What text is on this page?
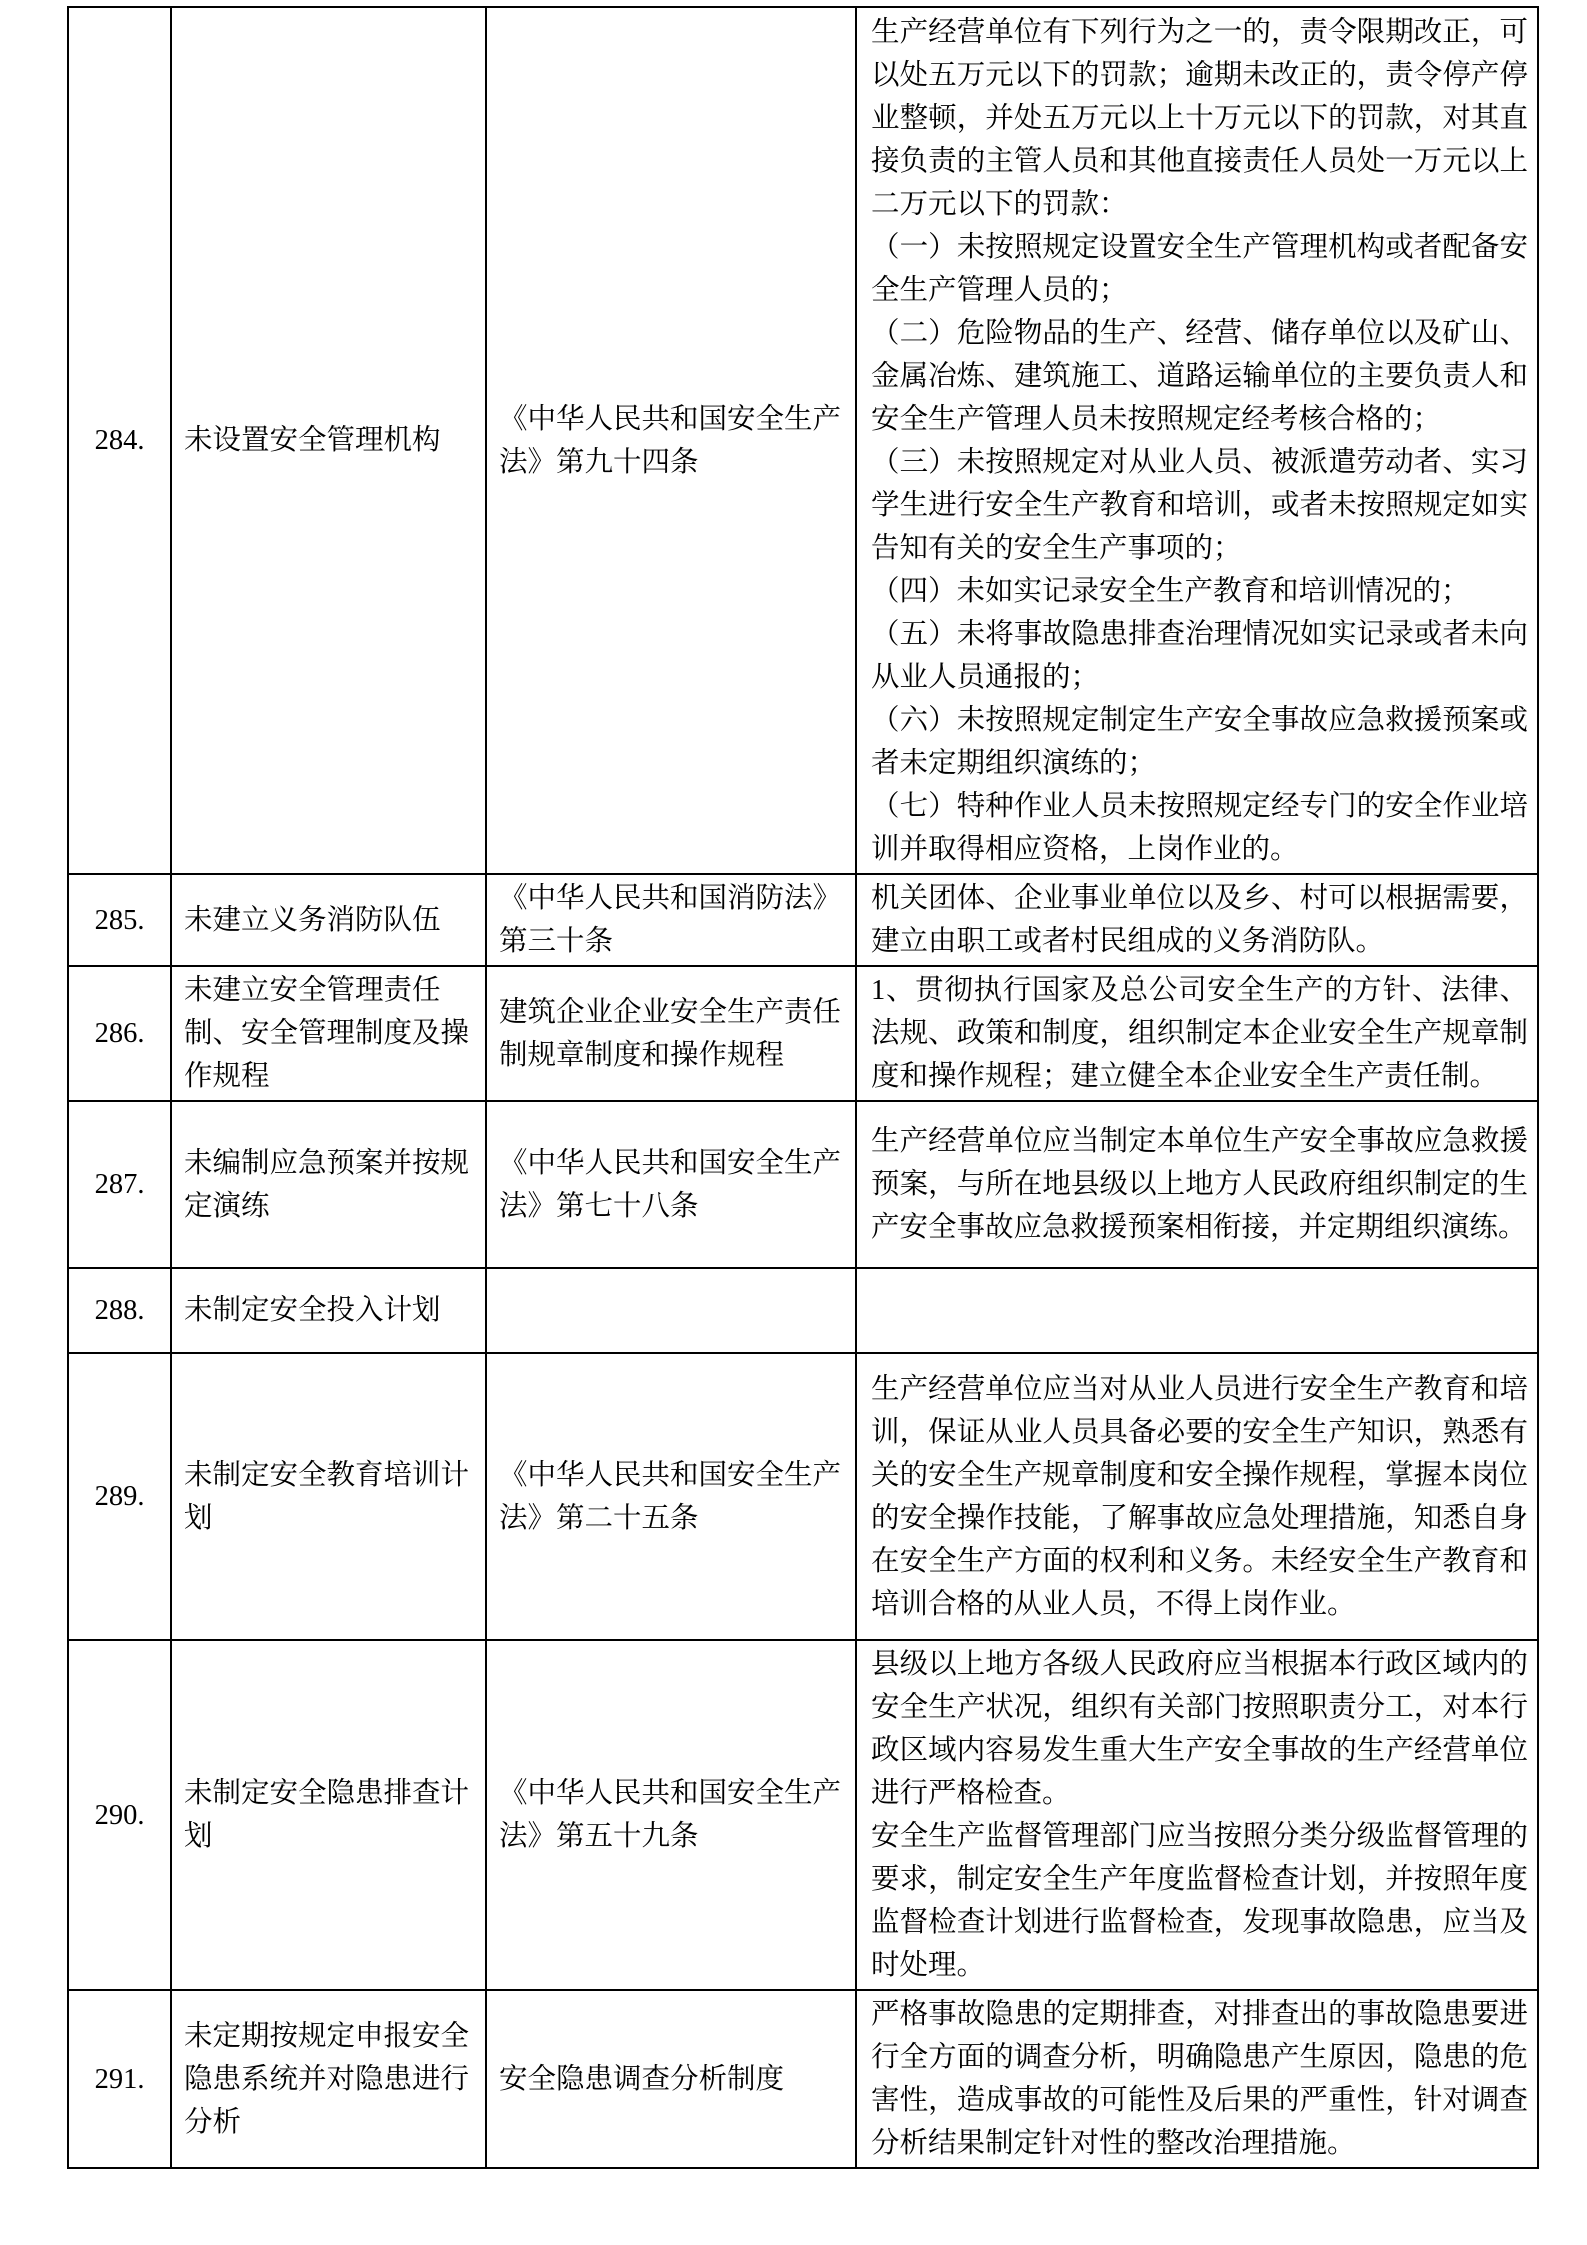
284.	未设置安全管理机构	《中华人民共和国安全生产法》第九十四条	
生产经营单位有下列行为之一的，责令限期改正，可以处五万元以下的罚款；逾期未改正的，责令停产停业整顿，并处五万元以上十万元以下的罚款，对其直接负责的主管人员和其他直接责任人员处一万元以上二万元以下的罚款：
（一）未按照规定设置安全生产管理机构或者配备安全生产管理人员的；
（二）危险物品的生产、经营、储存单位以及矿山、金属冶炼、建筑施工、道路运输单位的主要负责人和安全生产管理人员未按照规定经考核合格的；
（三）未按照规定对从业人员、被派遣劳动者、实习学生进行安全生产教育和培训，或者未按照规定如实告知有关的安全生产事项的；
（四）未如实记录安全生产教育和培训情况的；
（五）未将事故隐患排查治理情况如实记录或者未向从业人员通报的；
（六）未按照规定制定生产安全事故应急救援预案或者未定期组织演练的；
（七）特种作业人员未按照规定经专门的安全作业培训并取得相应资格，上岗作业的。

285.	未建立义务消防队伍	《中华人民共和国消防法》第三十条	机关团体、企业事业单位以及乡、村可以根据需要，建立由职工或者村民组成的义务消防队。

286.	未建立安全管理责任制、安全管理制度及操作规程	建筑企业企业安全生产责任制规章制度和操作规程	1、贯彻执行国家及总公司安全生产的方针、法律、法规、政策和制度，组织制定本企业安全生产规章制度和操作规程；建立健全本企业安全生产责任制。

287.	未编制应急预案并按规定演练	《中华人民共和国安全生产法》第七十八条	生产经营单位应当制定本单位生产安全事故应急救援预案，与所在地县级以上地方人民政府组织制定的生产安全事故应急救援预案相衔接，并定期组织演练。

288.	未制定安全投入计划		
289.	未制定安全教育培训计划	《中华人民共和国安全生产法》第二十五条	生产经营单位应当对从业人员进行安全生产教育和培训，保证从业人员具备必要的安全生产知识，熟悉有关的安全生产规章制度和安全操作规程，掌握本岗位的安全操作技能，了解事故应急处理措施，知悉自身在安全生产方面的权利和义务。未经安全生产教育和培训合格的从业人员，不得上岗作业。

290.	未制定安全隐患排查计划	《中华人民共和国安全生产法》第五十九条	县级以上地方各级人民政府应当根据本行政区域内的安全生产状况，组织有关部门按照职责分工，对本行政区域内容易发生重大生产安全事故的生产经营单位进行严格检查。
安全生产监督管理部门应当按照分类分级监督管理的要求，制定安全生产年度监督检查计划，并按照年度监督检查计划进行监督检查，发现事故隐患，应当及时处理。

291.	未定期按规定申报安全隐患系统并对隐患进行分析	安全隐患调查分析制度	严格事故隐患的定期排查，对排查出的事故隐患要进行全方面的调查分析，明确隐患产生原因，隐患的危害性，造成事故的可能性及后果的严重性，针对调查分析结果制定针对性的整改治理措施。
